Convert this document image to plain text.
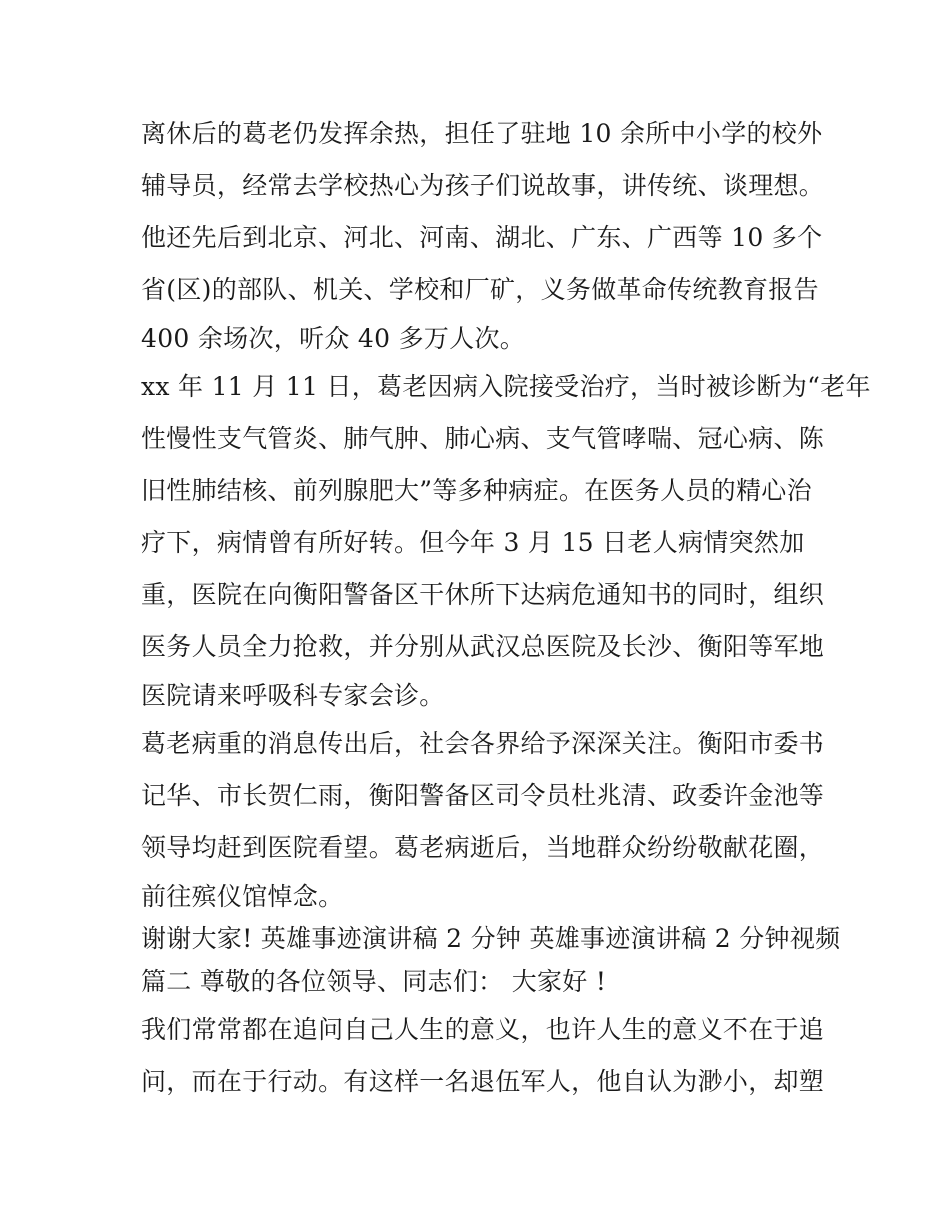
离休后的葛老仍发挥余热，担任了驻地 10 余所中小学的校外
辅导员，经常去学校热心为孩子们说故事，讲传统、谈理想。
他还先后到北京、河北、河南、湖北、广东、广西等 10 多个
省(区)的部队、机关、学校和厂矿，义务做革命传统教育报告
400 余场次，听众 40 多万人次。
xx 年 11 月 11 日，葛老因病入院接受治疗，当时被诊断为“老年
性慢性支气管炎、肺气肿、肺心病、支气管哮喘、冠心病、陈
旧性肺结核、前列腺肥大”等多种病症。在医务人员的精心治
疗下，病情曾有所好转。但今年 3 月 15 日老人病情突然加
重，医院在向衡阳警备区干休所下达病危通知书的同时，组织
医务人员全力抢救，并分别从武汉总医院及长沙、衡阳等军地
医院请来呼吸科专家会诊。
葛老病重的消息传出后，社会各界给予深深关注。衡阳市委书
记华、市长贺仁雨，衡阳警备区司令员杜兆清、政委许金池等
领导均赶到医院看望。葛老病逝后，当地群众纷纷敬献花圈，
前往殡仪馆悼念。
谢谢大家! 英雄事迹演讲稿 2 分钟 英雄事迹演讲稿 2 分钟视频
篇二 尊敬的各位领导、同志们： 大家好 !
我们常常都在追问自己人生的意义，也许人生的意义不在于追
问，而在于行动。有这样一名退伍军人，他自认为渺小，却塑
